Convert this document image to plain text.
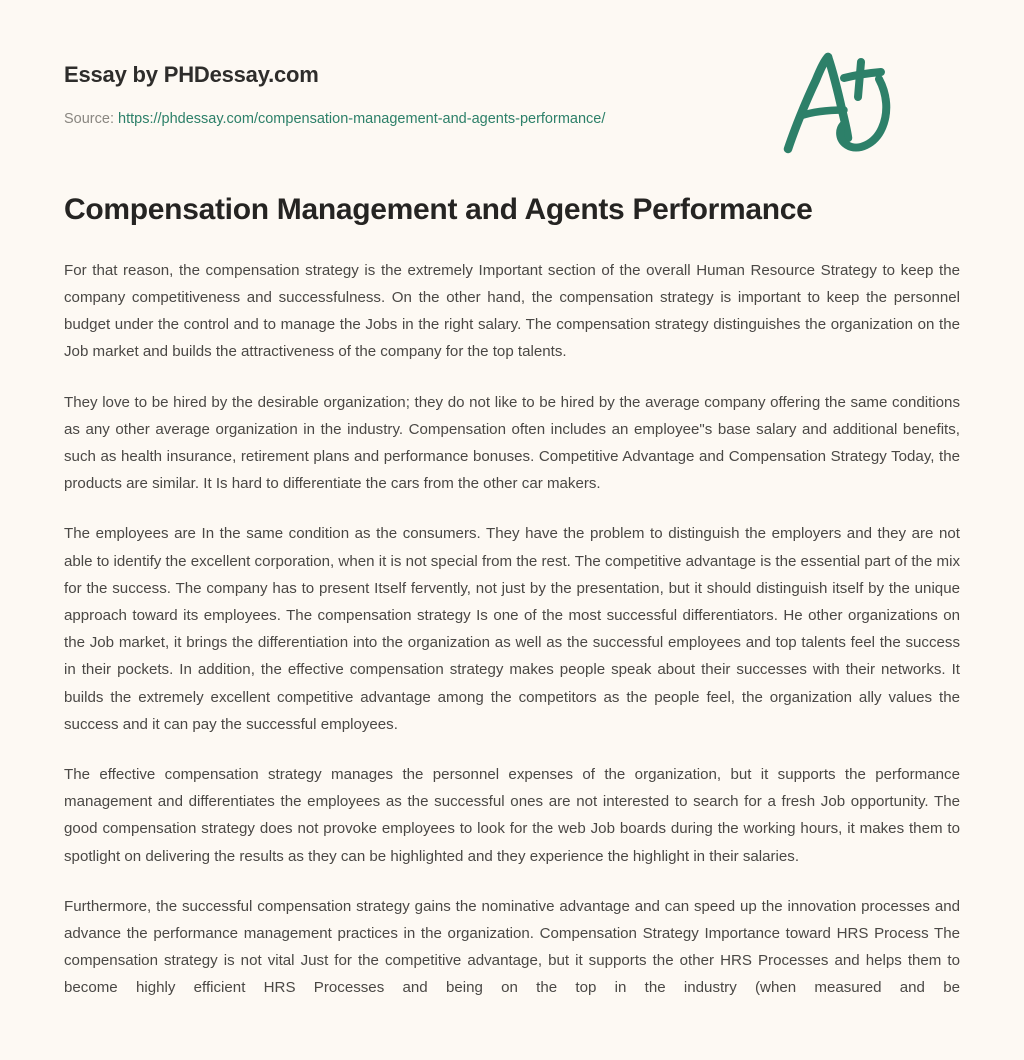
Essay by PHDessay.com
Source: https://phdessay.com/compensation-management-and-agents-performance/
Compensation Management and Agents Performance

For that reason, the compensation strategy is the extremely Important section of the overall Human Resource Strategy to keep the company competitiveness and successfulness. On the other hand, the compensation strategy is important to keep the personnel budget under the control and to manage the Jobs in the right salary. The compensation strategy distinguishes the organization on the Job market and builds the attractiveness of the company for the top talents.

They love to be hired by the desirable organization; they do not like to be hired by the average company offering the same conditions as any other average organization in the industry. Compensation often includes an employee"s base salary and additional benefits, such as health insurance, retirement plans and performance bonuses. Competitive Advantage and Compensation Strategy Today, the products are similar. It Is hard to differentiate the cars from the other car makers.

The employees are In the same condition as the consumers. They have the problem to distinguish the employers and they are not able to identify the excellent corporation, when it is not special from the rest. The competitive advantage is the essential part of the mix for the success. The company has to present Itself fervently, not just by the presentation, but it should distinguish itself by the unique approach toward its employees. The compensation strategy Is one of the most successful differentiators. He other organizations on the Job market, it brings the differentiation into the organization as well as the successful employees and top talents feel the success in their pockets. In addition, the effective compensation strategy makes people speak about their successes with their networks. It builds the extremely excellent competitive advantage among the competitors as the people feel, the organization ally values the success and it can pay the successful employees.

The effective compensation strategy manages the personnel expenses of the organization, but it supports the performance management and differentiates the employees as the successful ones are not interested to search for a fresh Job opportunity. The good compensation strategy does not provoke employees to look for the web Job boards during the working hours, it makes them to spotlight on delivering the results as they can be highlighted and they experience the highlight in their salaries.

Furthermore, the successful compensation strategy gains the nominative advantage and can speed up the innovation processes and advance the performance management practices in the organization. Compensation Strategy Importance toward HRS Process The compensation strategy is not vital Just for the competitive advantage, but it supports the other HRS Processes and helps them to become highly efficient HRS Processes and being on the top in the industry (when measured and be
